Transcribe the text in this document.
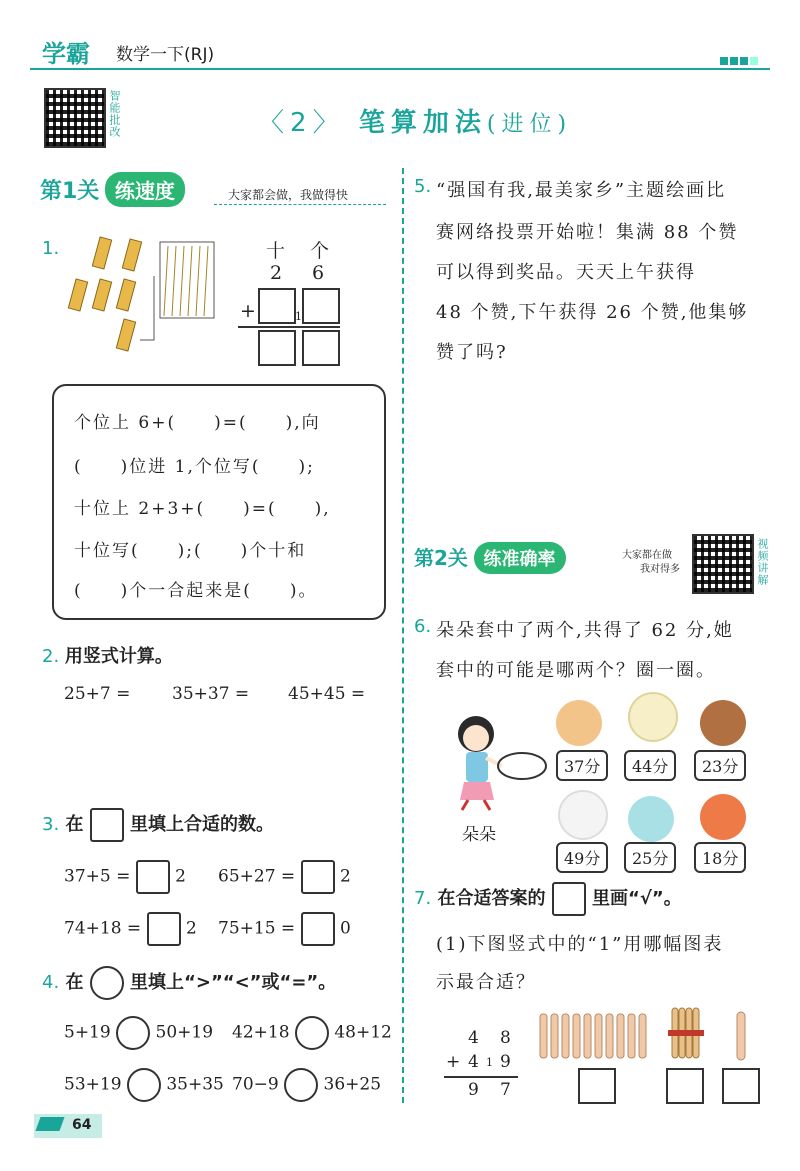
学霸 数学一下(RJ)
智能批改	〈2〉 笔算加法(进位)
第1关 练速度	大家都会做，我做得快
1.	十 个
2 6
+	1
个位上 6+(　　)=(　　),向
(　　)位进 1,个位写(　　);
十位上 2+3+(　　)=(　　),
十位写(　　);(　　)个十和
(　　)个一合起来是(　　)。
2. 用竖式计算。
25+7 = 35+37 = 45+45 =
3. 在	里填上合适的数。
37+5 =	2 65+27 =	2
74+18 =	2 75+15 =	0
4. 在	里填上“>”“<”或“=”。
5+19	50+19 42+18	48+12
53+19	35+35 70−9	36+25
64
5. “强国有我,最美家乡”主题绘画比
赛网络投票开始啦！集满 88 个赞
可以得到奖品。天天上午获得
48 个赞,下午获得 26 个赞,他集够
赞了吗?
第2关 练准确率	大家都在做
我对得多	视频讲解
6. 朵朵套中了两个,共得了 62 分,她
套中的可能是哪两个？圈一圈。
朵朵
37分	44分	23分
49分	25分	18分
7. 在合适答案的	里画“√”。
(1)下图竖式中的“1”用哪幅图表
示最合适？
4 8
+ 4 1 9
9 7
